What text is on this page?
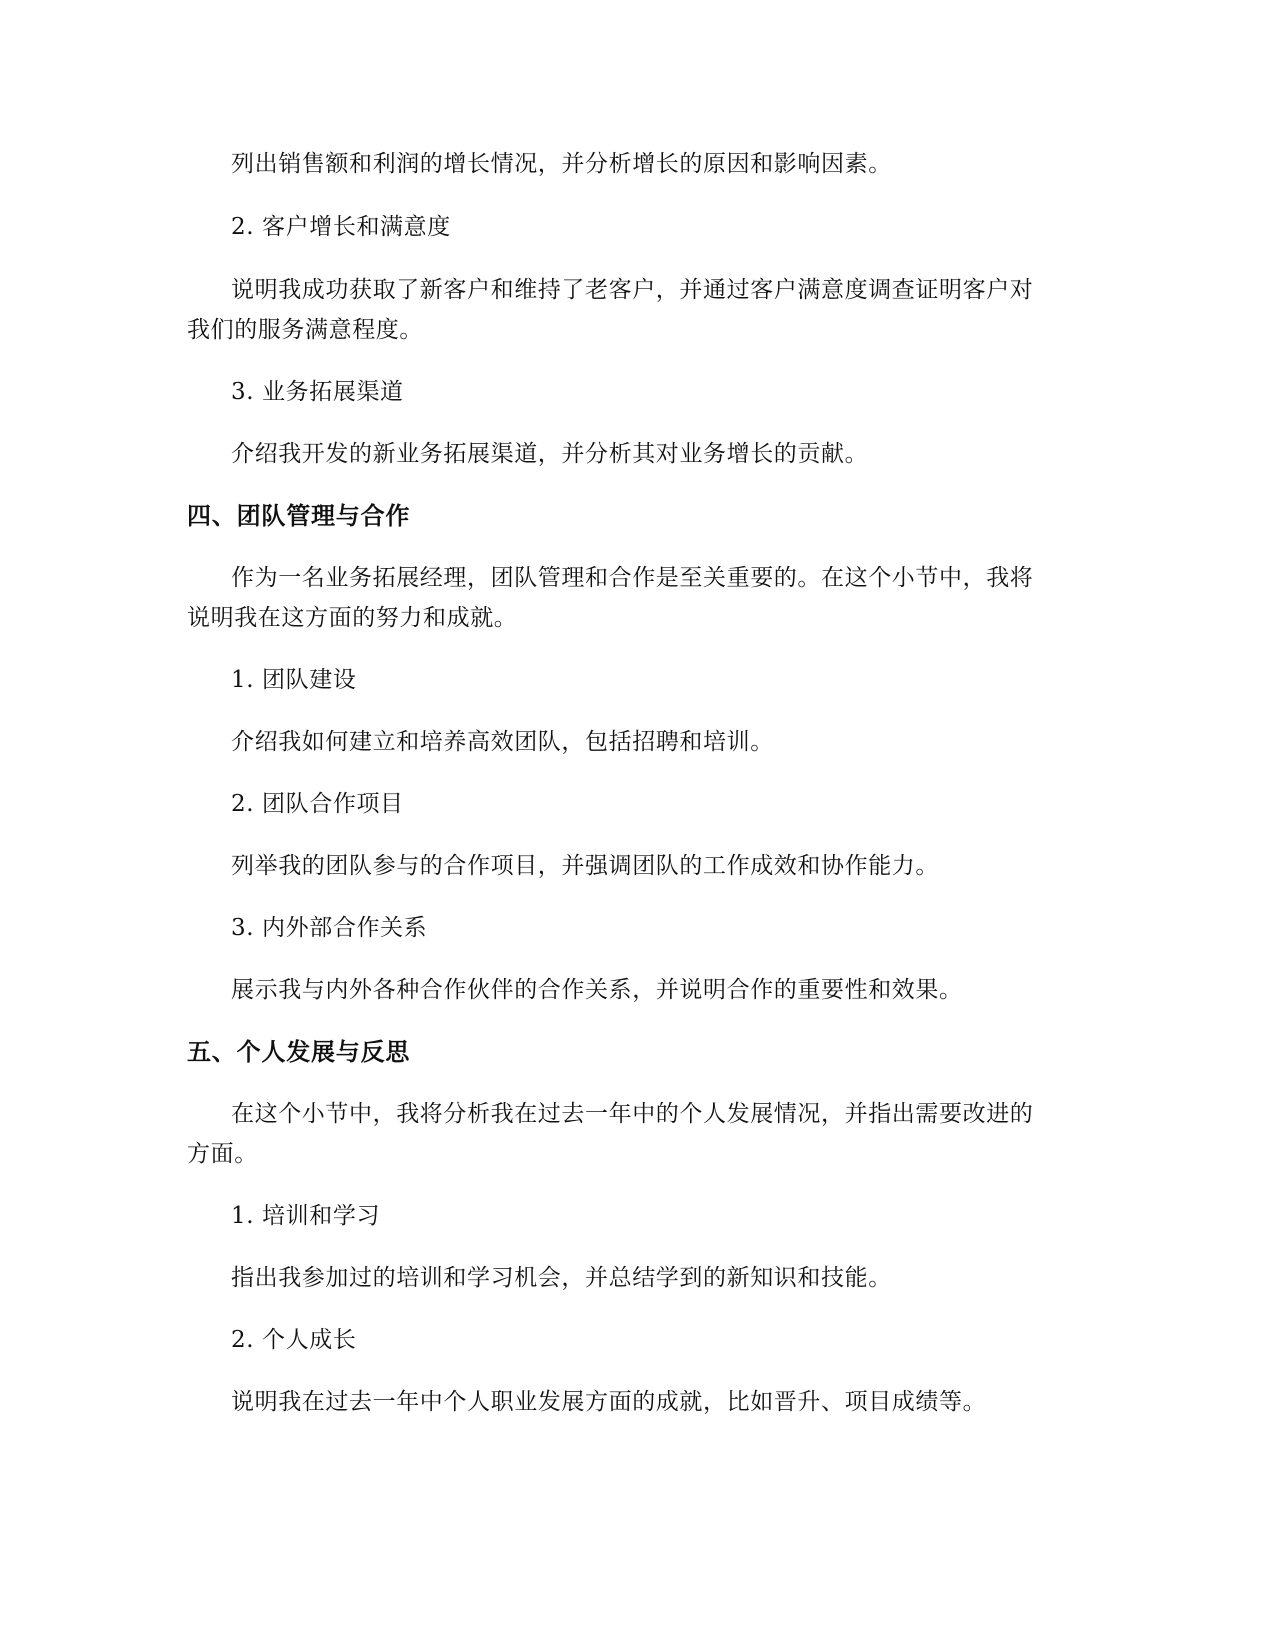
列出销售额和利润的增长情况，并分析增长的原因和影响因素。
2. 客户增长和满意度
说明我成功获取了新客户和维持了老客户，并通过客户满意度调查证明客户对
我们的服务满意程度。
3. 业务拓展渠道
介绍我开发的新业务拓展渠道，并分析其对业务增长的贡献。
四、团队管理与合作
作为一名业务拓展经理，团队管理和合作是至关重要的。在这个小节中，我将
说明我在这方面的努力和成就。
1. 团队建设
介绍我如何建立和培养高效团队，包括招聘和培训。
2. 团队合作项目
列举我的团队参与的合作项目，并强调团队的工作成效和协作能力。
3. 内外部合作关系
展示我与内外各种合作伙伴的合作关系，并说明合作的重要性和效果。
五、个人发展与反思
在这个小节中，我将分析我在过去一年中的个人发展情况，并指出需要改进的
方面。
1. 培训和学习
指出我参加过的培训和学习机会，并总结学到的新知识和技能。
2. 个人成长
说明我在过去一年中个人职业发展方面的成就，比如晋升、项目成绩等。
